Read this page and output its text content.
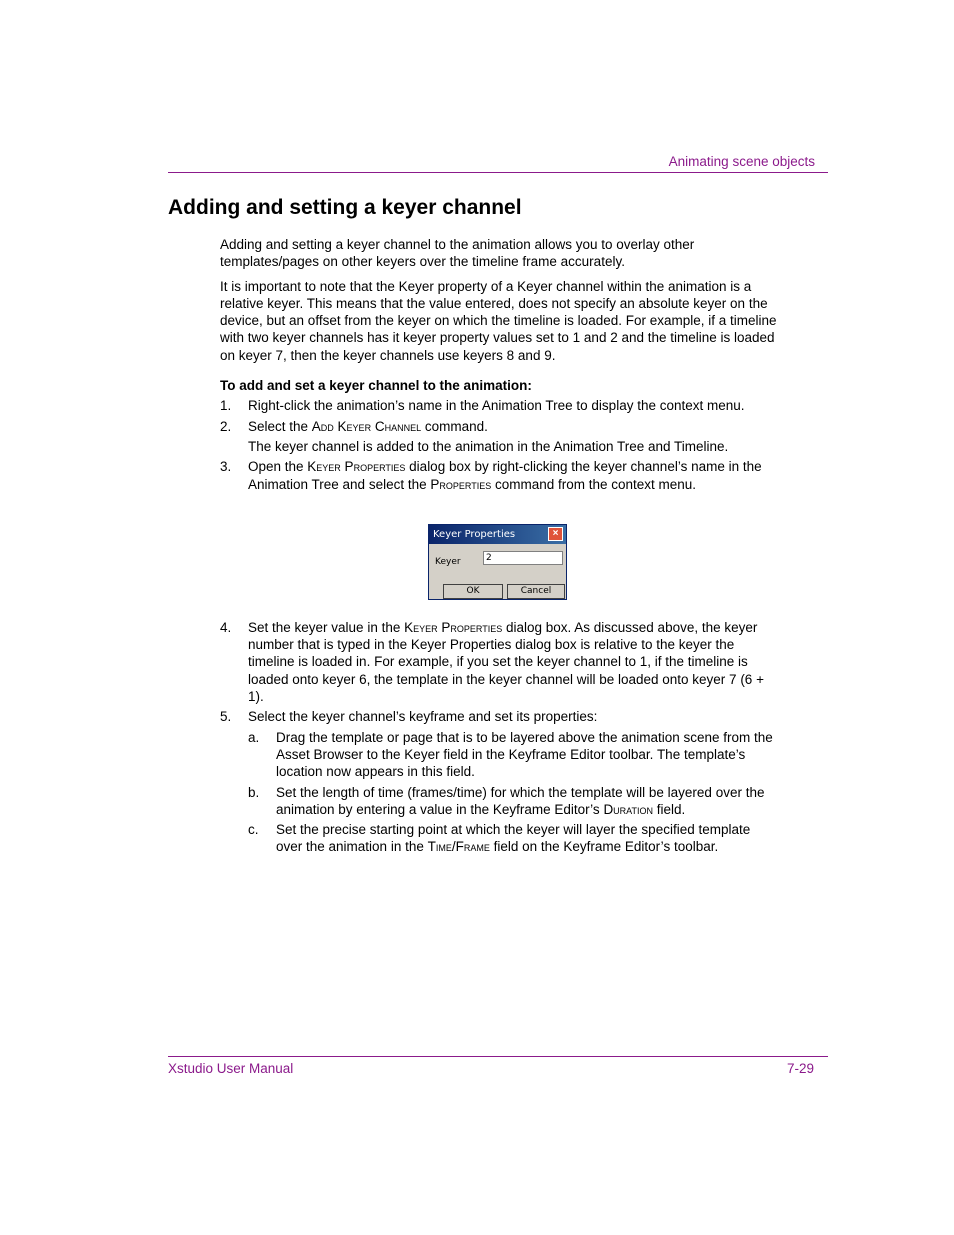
Animating scene objects
Adding and setting a keyer channel

Adding and setting a keyer channel to the animation allows you to overlay other templates/pages on other keyers over the timeline frame accurately.

It is important to note that the Keyer property of a Keyer channel within the animation is a relative keyer. This means that the value entered, does not specify an absolute keyer on the device, but an offset from the keyer on which the timeline is loaded. For example, if a timeline with two keyer channels has it keyer property values set to 1 and 2 and the timeline is loaded on keyer 7, then the keyer channels use keyers 8 and 9.

To add and set a keyer channel to the animation:

1.	Right-click the animation’s name in the Animation Tree to display the context menu.
2.	Select the Add Keyer Channel command.
The keyer channel is added to the animation in the Animation Tree and Timeline.
3.	Open the Keyer Properties dialog box by right-clicking the keyer channel’s name in the Animation Tree and select the Properties command from the context menu.
Keyer Properties	×
Keyer	2
OK	Cancel
4.	Set the keyer value in the Keyer Properties dialog box. As discussed above, the keyer number that is typed in the Keyer Properties dialog box is relative to the keyer the timeline is loaded in. For example, if you set the keyer channel to 1, if the timeline is loaded onto keyer 6, the template in the keyer channel will be loaded onto keyer 7 (6 + 1).
5.	Select the keyer channel’s keyframe and set its properties:
a.	Drag the template or page that is to be layered above the animation scene from the Asset Browser to the Keyer field in the Keyframe Editor toolbar. The template’s location now appears in this field.
b.	Set the length of time (frames/time) for which the template will be layered over the animation by entering a value in the Keyframe Editor’s Duration field.
c.	Set the precise starting point at which the keyer will layer the specified template over the animation in the Time/Frame field on the Keyframe Editor’s toolbar.
Xstudio User Manual	7-29
